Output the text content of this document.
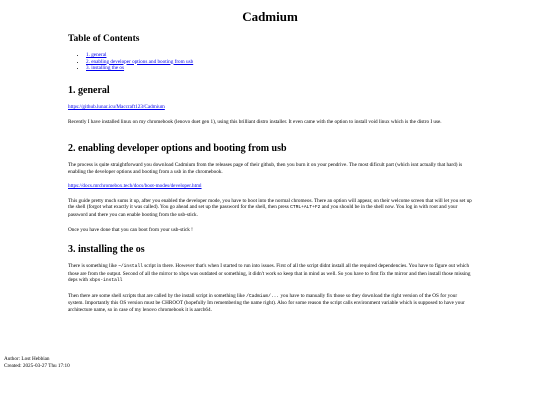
Cadmium
Table of Contents
• 1. general
• 2. enabling developer options and booting from usb
• 3. installing the os
1. general

https://github.lunar.icu/Maccraft123/Cadmium

Recently I have installed linux on my chromebook (lenovo duet gen 1), using this brilliant distro installer. It even came with the option to install void linux which is the distro I use.

2. enabling developer options and booting from usb

The process is quite straightforward you download Cadmium from the releases page of their github, then you burn it on your pendrive. The most dificult part (which isnt actually that hard) is enabling the developer options and booting from a usb in the chromebook.

https://docs.mrchromebox.tech/docs/boot-modes/developer.html

This guide pretty much sums it up, after you enabled the developer mode, you have to boot into the normal chromeos. There an option will appear, on their welcome screen that will let you set up the shell (forgot what exactly it was called). You go ahead and set up the password for the shell, then press CTRL+ALT+F2 and you should be in the shell now. You log in with root and your password and there you can enable booting from the usb-stick.

Once you have done that you can boot from your usb-stick !

3. installing the os

There is something like ~/install script in there. However that's when I started to run into issues. First of all the script didnt install all the required dependencies. You have to figure out which those are from the output. Second of all the mirror to xbps was outdated or something, it didn't work so keep that in mind as well. So you have to first fix the mirror and then install those missing deps with xbps-install

Then there are some shell scripts that are called by the install script in something like /Cadmium/... you have to manually fix those so they download the right version of the OS for your system. Importantly this OS version must be CHROOT (hopefully Im remembering the name right). Also for some reason the script calls environment variable which is supposed to have your architecture name, so in case of my lenovo chromebook it is aarch64.

Author: Lost Hebbian
Created: 2025-03-27 Thu 17:10
